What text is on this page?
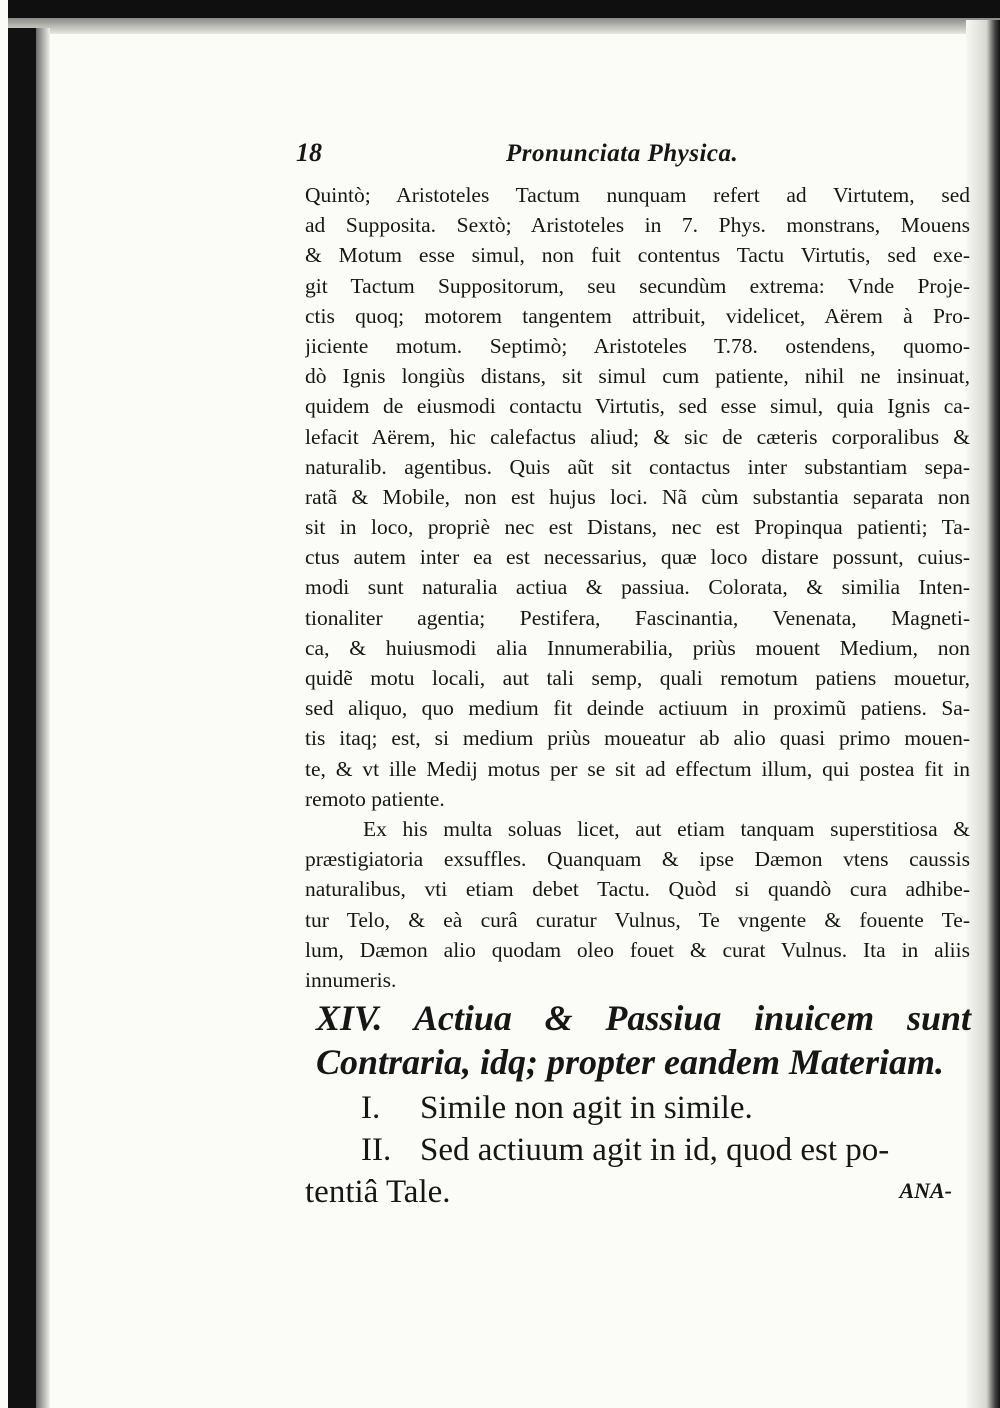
18	Pronunciata Physica.
Quintò; Aristoteles Tactum nunquam refert ad Virtutem, sed
ad Supposita. Sextò; Aristoteles in 7. Phys. monstrans, Mouens
& Motum esse simul, non fuit contentus Tactu Virtutis, sed exe-
git Tactum Suppositorum, seu secundùm extrema: Vnde Proje-
ctis quoq; motorem tangentem attribuit, videlicet, Aërem à Pro-
jiciente motum. Septimò; Aristoteles T.78. ostendens, quomo-
dò Ignis longiùs distans, sit simul cum patiente, nihil ne insinuat,
quidem de eiusmodi contactu Virtutis, sed esse simul, quia Ignis ca-
lefacit Aërem, hic calefactus aliud; & sic de cæteris corporalibus &
naturalib. agentibus. Quis aũt sit contactus inter substantiam sepa-
ratã & Mobile, non est hujus loci. Nã cùm substantia separata non
sit in loco, propriè nec est Distans, nec est Propinqua patienti; Ta-
ctus autem inter ea est necessarius, quæ loco distare possunt, cuius-
modi sunt naturalia actiua & passiua. Colorata, & similia Inten-
tionaliter agentia; Pestifera, Fascinantia, Venenata, Magneti-
ca, & huiusmodi alia Innumerabilia, priùs mouent Medium, non
quidẽ motu locali, aut tali semp, quali remotum patiens mouetur,
sed aliquo, quo medium fit deinde actiuum in proximũ patiens. Sa-
tis itaq; est, si medium priùs moueatur ab alio quasi primo mouen-
te, & vt ille Medij motus per se sit ad effectum illum, qui postea fit in
remoto patiente.
Ex his multa soluas licet, aut etiam tanquam superstitiosa &
præstigiatoria exsuffles. Quanquam & ipse Dæmon vtens caussis
naturalibus, vti etiam debet Tactu. Quòd si quandò cura adhibe-
tur Telo, & eà curâ curatur Vulnus, Te vngente & fouente Te-
lum, Dæmon alio quodam oleo fouet & curat Vulnus. Ita in aliis
innumeris.
XIV. Actiua & Passiua inuicem sunt
Contraria, idq; propter eandem Materiam.
I. Simile non agit in simile.
II. Sed actiuum agit in id, quod est po-
tentiâ Tale.	ANA-
